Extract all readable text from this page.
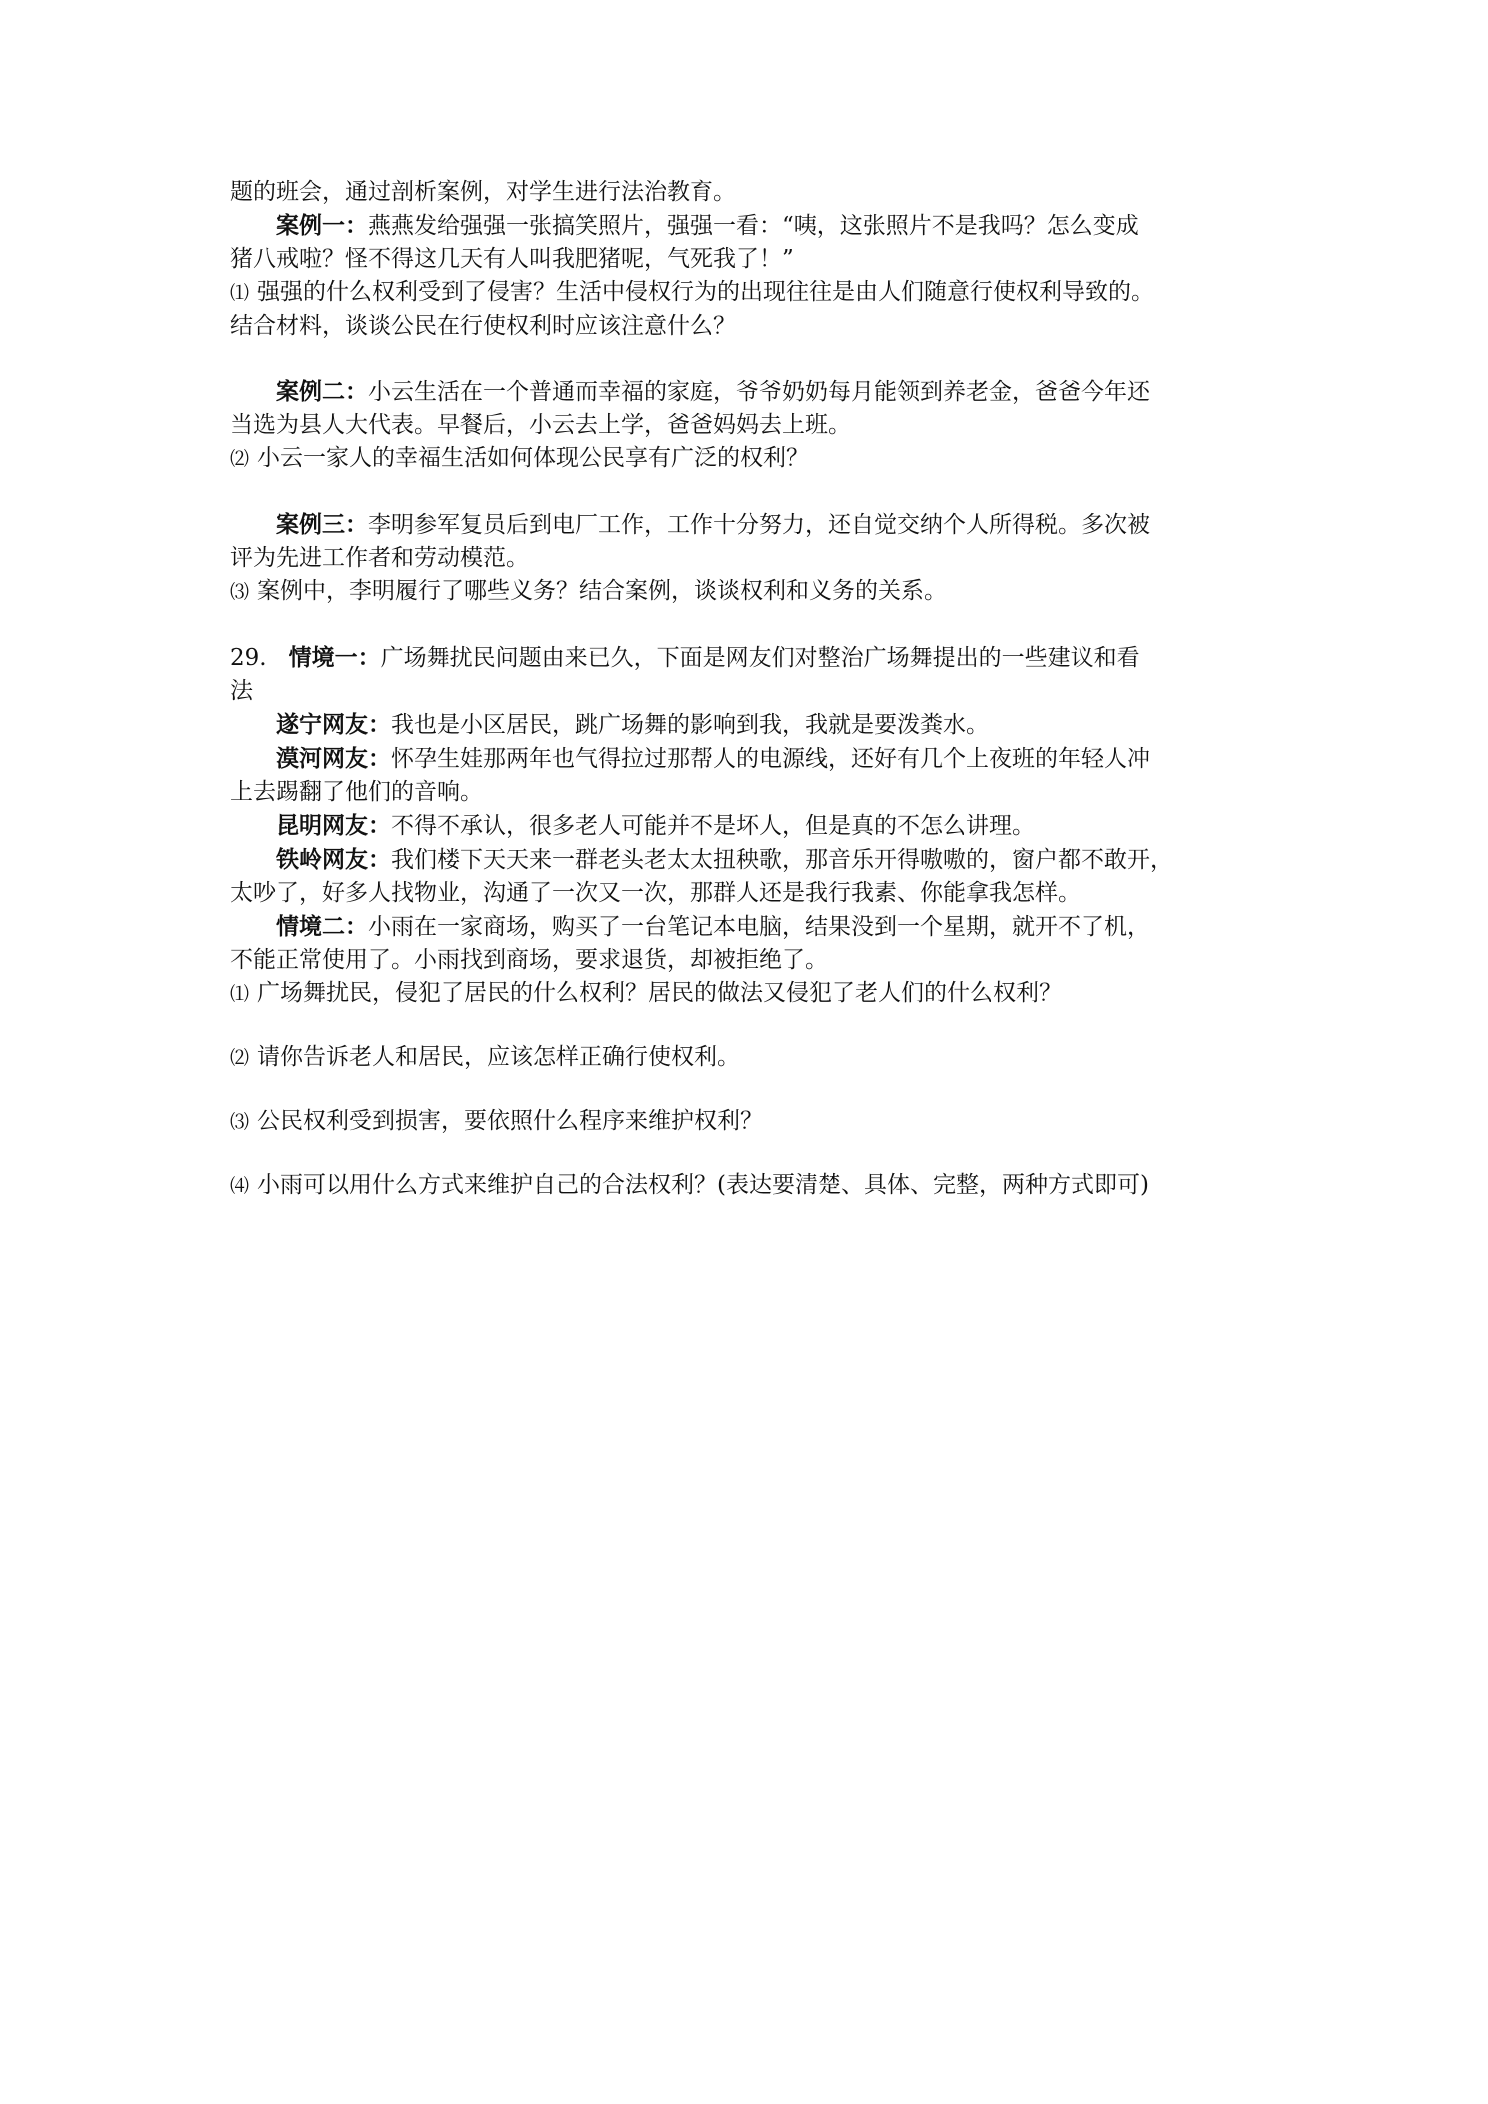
题的班会，通过剖析案例，对学生进行法治教育。
案例一：燕燕发给强强一张搞笑照片，强强一看：“咦，这张照片不是我吗？怎么变成
猪八戒啦？怪不得这几天有人叫我肥猪呢，气死我了！”
⑴ 强强的什么权利受到了侵害？生活中侵权行为的出现往往是由人们随意行使权利导致的。
结合材料，谈谈公民在行使权利时应该注意什么？
案例二：小云生活在一个普通而幸福的家庭，爷爷奶奶每月能领到养老金，爸爸今年还
当选为县人大代表。早餐后，小云去上学，爸爸妈妈去上班。
⑵ 小云一家人的幸福生活如何体现公民享有广泛的权利？
案例三：李明参军复员后到电厂工作，工作十分努力，还自觉交纳个人所得税。多次被
评为先进工作者和劳动模范。
⑶ 案例中，李明履行了哪些义务？结合案例，谈谈权利和义务的关系。
29. 情境一：广场舞扰民问题由来已久，下面是网友们对整治广场舞提出的一些建议和看
法
遂宁网友：我也是小区居民，跳广场舞的影响到我，我就是要泼粪水。
漠河网友：怀孕生娃那两年也气得拉过那帮人的电源线，还好有几个上夜班的年轻人冲
上去踢翻了他们的音响。
昆明网友：不得不承认，很多老人可能并不是坏人，但是真的不怎么讲理。
铁岭网友：我们楼下天天来一群老头老太太扭秧歌，那音乐开得嗷嗷的，窗户都不敢开，
太吵了，好多人找物业，沟通了一次又一次，那群人还是我行我素、你能拿我怎样。
情境二：小雨在一家商场，购买了一台笔记本电脑，结果没到一个星期，就开不了机，
不能正常使用了。小雨找到商场，要求退货，却被拒绝了。
⑴ 广场舞扰民，侵犯了居民的什么权利？居民的做法又侵犯了老人们的什么权利？
⑵ 请你告诉老人和居民，应该怎样正确行使权利。
⑶ 公民权利受到损害，要依照什么程序来维护权利？
⑷ 小雨可以用什么方式来维护自己的合法权利？(表达要清楚、具体、完整，两种方式即可)
